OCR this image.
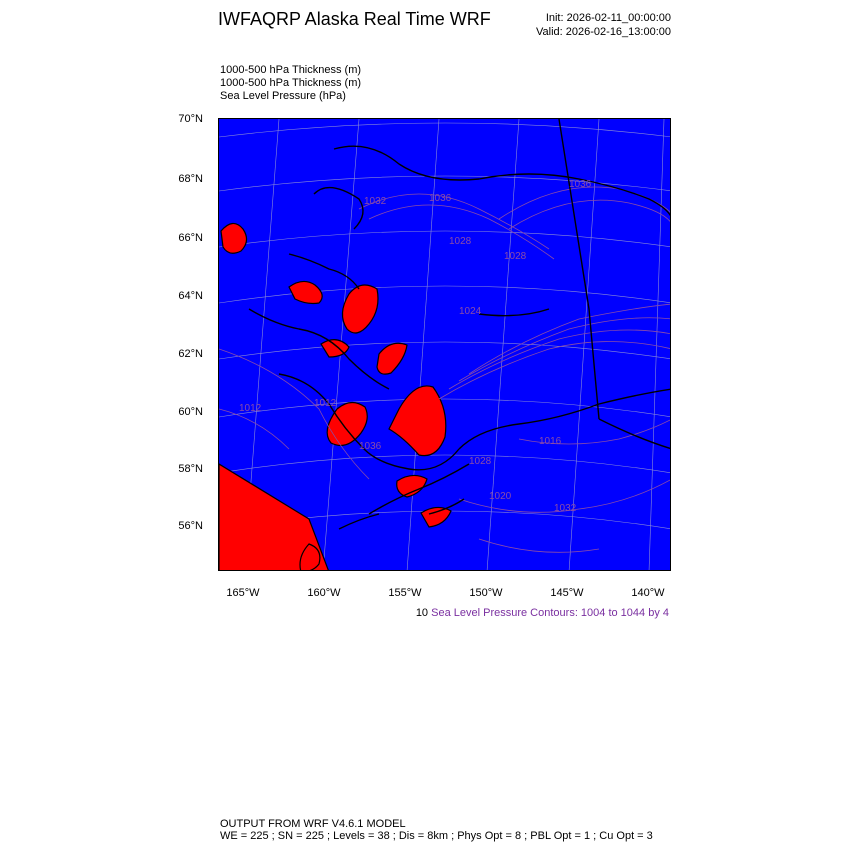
IWFAQRP Alaska Real Time WRF	Init: 2026-02-11_00:00:00
Valid: 2026-02-16_13:00:00
1000-500 hPa Thickness (m)
1000-500 hPa Thickness (m)
Sea Level Pressure (hPa)
1036
1032	1036
1028
1028
1024
1020
1016
1012	1012
1036
1032
1028
70°N
68°N
66°N
64°N
62°N
60°N
58°N
56°N
165°W	160°W	155°W	150°W	145°W	140°W
10 Sea Level Pressure Contours: 1004 to 1044 by 4
OUTPUT FROM WRF V4.6.1 MODEL
WE = 225 ; SN = 225 ; Levels = 38 ; Dis = 8km ; Phys Opt = 8 ; PBL Opt = 1 ; Cu Opt = 3
